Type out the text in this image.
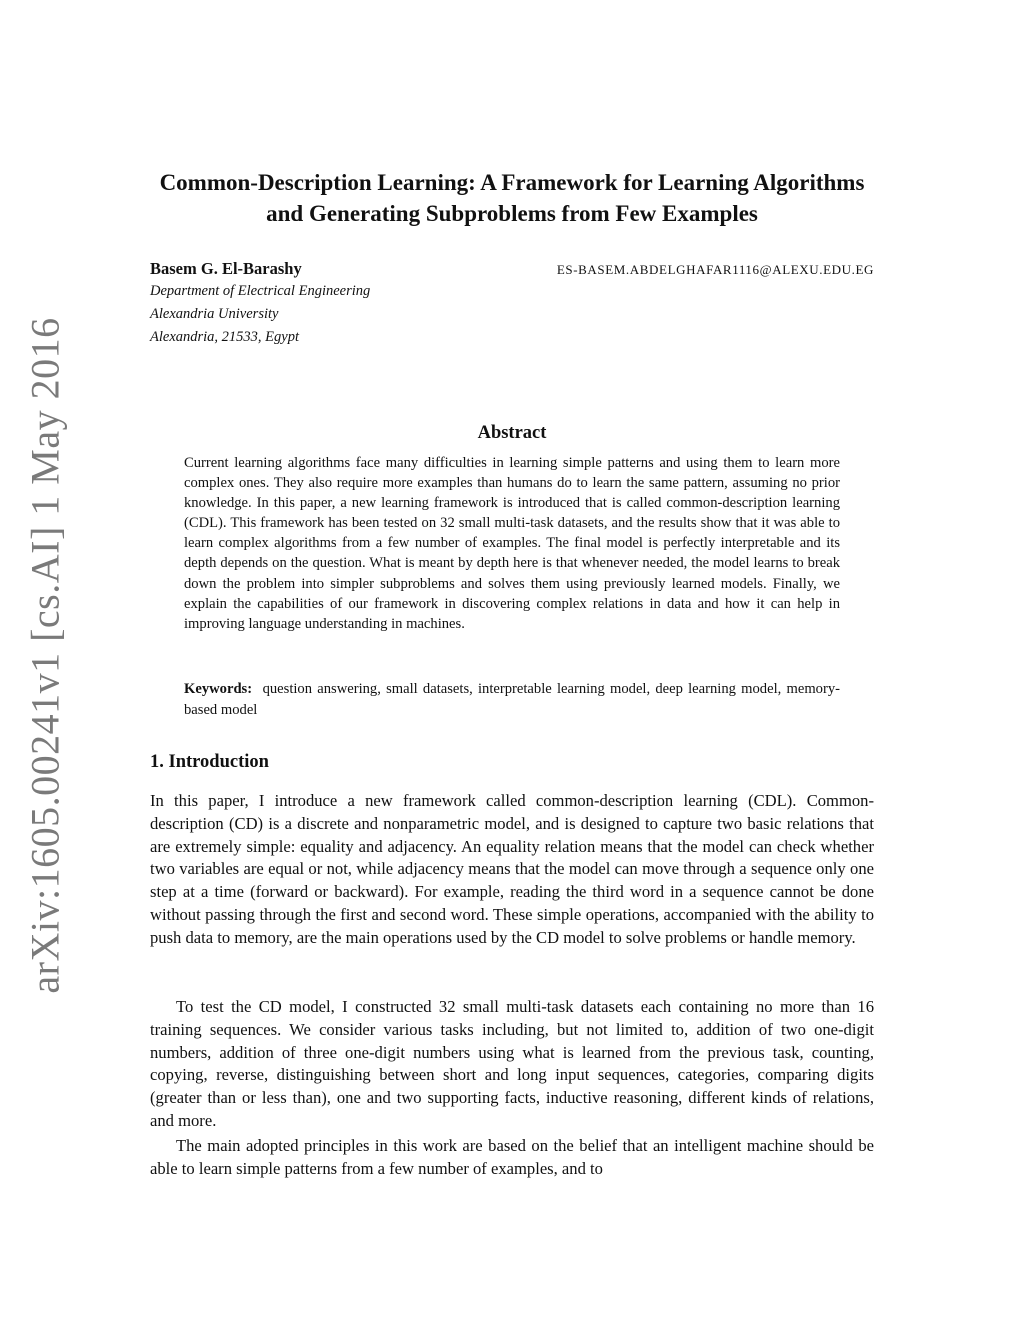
arXiv:1605.00241v1 [cs.AI] 1 May 2016
Common-Description Learning: A Framework for Learning Algorithms and Generating Subproblems from Few Examples

Basem G. El-Barashy	ES-BASEM.ABDELGHAFAR1116@ALEXU.EDU.EG

Department of Electrical Engineering

Alexandria University

Alexandria, 21533, Egypt

Abstract

Current learning algorithms face many difficulties in learning simple patterns and using them to learn more complex ones. They also require more examples than humans do to learn the same pattern, assuming no prior knowledge. In this paper, a new learning framework is introduced that is called common-description learning (CDL). This framework has been tested on 32 small multi-task datasets, and the results show that it was able to learn complex algorithms from a few number of examples. The final model is perfectly interpretable and its depth depends on the question. What is meant by depth here is that whenever needed, the model learns to break down the problem into simpler subproblems and solves them using previously learned models. Finally, we explain the capabilities of our framework in discovering complex relations in data and how it can help in improving language understanding in machines.

Keywords: question answering, small datasets, interpretable learning model, deep learning model, memory-based model

1. Introduction

In this paper, I introduce a new framework called common-description learning (CDL). Common-description (CD) is a discrete and nonparametric model, and is designed to capture two basic relations that are extremely simple: equality and adjacency. An equality relation means that the model can check whether two variables are equal or not, while adjacency means that the model can move through a sequence only one step at a time (forward or backward). For example, reading the third word in a sequence cannot be done without passing through the first and second word. These simple operations, accompanied with the ability to push data to memory, are the main operations used by the CD model to solve problems or handle memory.

To test the CD model, I constructed 32 small multi-task datasets each containing no more than 16 training sequences. We consider various tasks including, but not limited to, addition of two one-digit numbers, addition of three one-digit numbers using what is learned from the previous task, counting, copying, reverse, distinguishing between short and long input sequences, categories, comparing digits (greater than or less than), one and two supporting facts, inductive reasoning, different kinds of relations, and more.

The main adopted principles in this work are based on the belief that an intelligent machine should be able to learn simple patterns from a few number of examples, and to
